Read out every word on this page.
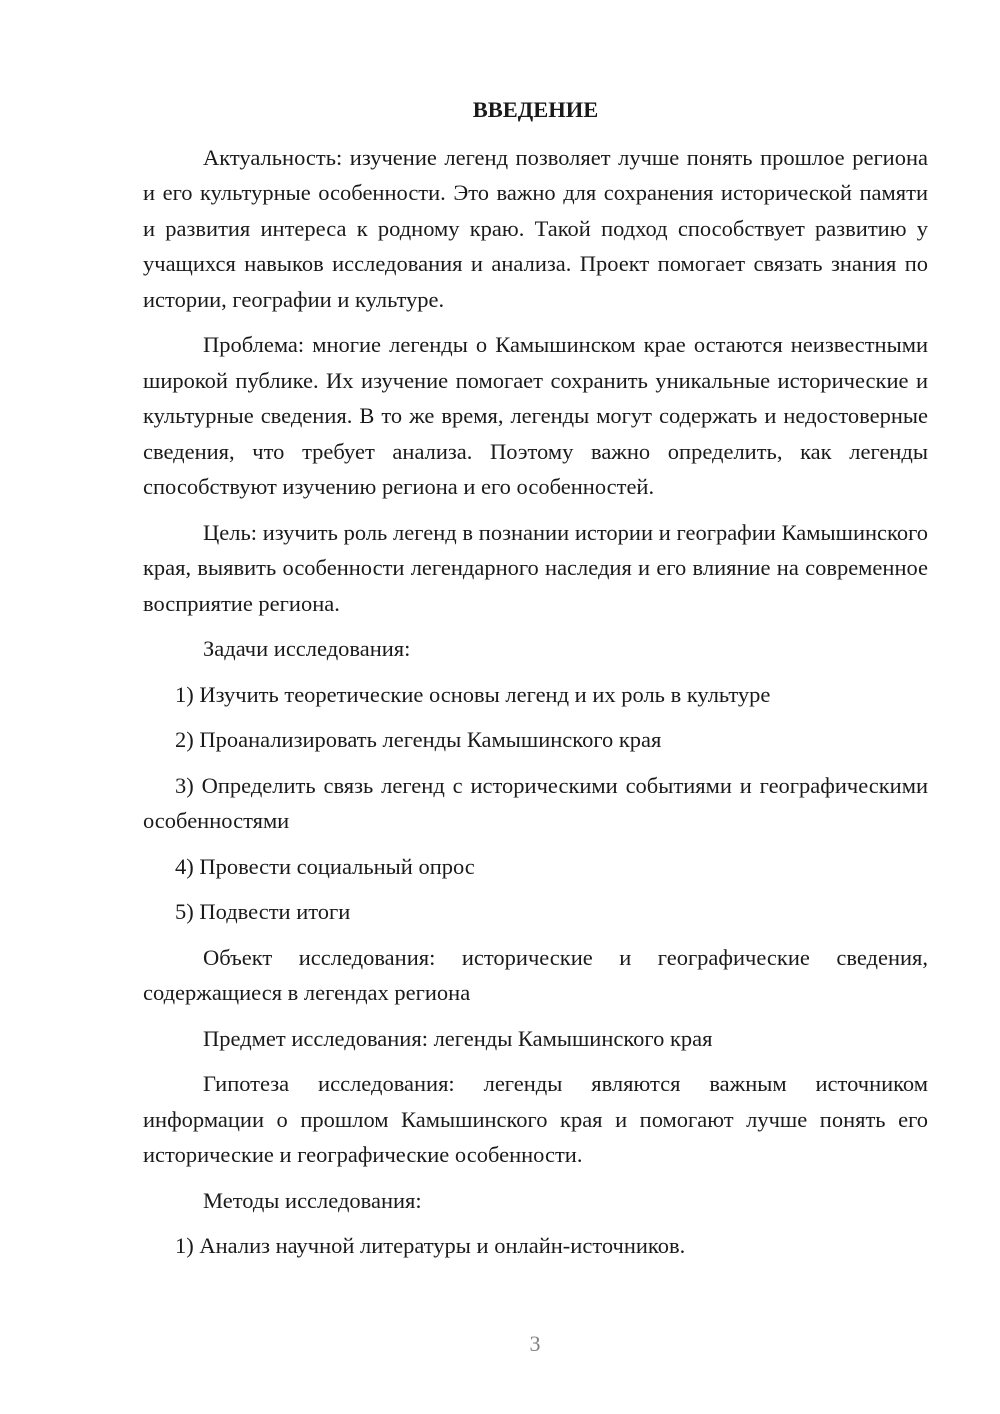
ВВЕДЕНИЕ

Актуальность: изучение легенд позволяет лучше понять прошлое региона и его культурные особенности. Это важно для сохранения исторической памяти и развития интереса к родному краю. Такой подход способствует развитию у учащихся навыков исследования и анализа. Проект помогает связать знания по истории, географии и культуре.

Проблема: многие легенды о Камышинском крае остаются неизвестными широкой публике. Их изучение помогает сохранить уникальные исторические и культурные сведения. В то же время, легенды могут содержать и недостоверные сведения, что требует анализа. Поэтому важно определить, как легенды способствуют изучению региона и его особенностей.

Цель: изучить роль легенд в познании истории и географии Камышинского края, выявить особенности легендарного наследия и его влияние на современное восприятие региона.

Задачи исследования:

1) Изучить теоретические основы легенд и их роль в культуре

2) Проанализировать легенды Камышинского края

3) Определить связь легенд с историческими событиями и географическими особенностями

4) Провести социальный опрос

5) Подвести итоги

Объект исследования: исторические и географические сведения, содержащиеся в легендах региона

Предмет исследования: легенды Камышинского края

Гипотеза исследования: легенды являются важным источником информации о прошлом Камышинского края и помогают лучше понять его исторические и географические особенности.

Методы исследования:

1) Анализ научной литературы и онлайн-источников.

3
